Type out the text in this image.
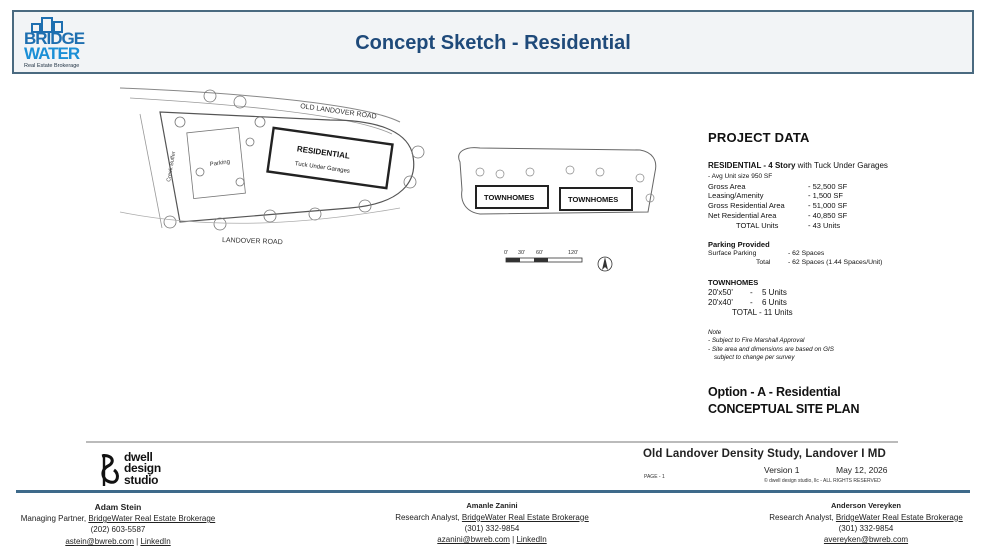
BRIDGE
WATER
Real Estate Brokerage
Concept Sketch - Residential
OLD LANDOVER ROAD
Creek Buffer	Parking
RESIDENTIAL
Tuck Under Garages
LANDOVER ROAD
TOWNHOMES	TOWNHOMES
0' 30' 60'	120'
PROJECT DATA
RESIDENTIAL - 4 Story with Tuck Under Garages
- Avg Unit size 950 SF
Gross Area	- 52,500 SF
Leasing/Amenity	- 1,500 SF
Gross Residential Area	- 51,000 SF
Net Residential Area	- 40,850 SF
TOTAL Units	- 43 Units
Parking Provided
Surface Parking	- 62 Spaces
Total	- 62 Spaces (1.44 Spaces/Unit)
TOWNHOMES
20'x50'	-	5 Units
20'x40'	-	6 Units
TOTAL - 11 Units
Note
- Subject to Fire Marshall Approval
- Site area and dimensions are based on GIS
subject to change per survey
Option - A - Residential
CONCEPTUAL SITE PLAN
dwell
design
studio
Old Landover Density Study, Landover I MD
Version 1	May 12, 2026
PAGE - 1
© dwell design studio, llc - ALL RIGHTS RESERVED
Adam Stein
Managing Partner, BridgeWater Real Estate Brokerage
(202) 603-5587
astein@bwreb.com | LinkedIn
Amanle Zanini
Research Analyst, BridgeWater Real Estate Brokerage
(301) 332-9854
azanini@bwreb.com | LinkedIn
Anderson Vereyken
Research Analyst, BridgeWater Real Estate Brokerage
(301) 332-9854
avereyken@bwreb.com
